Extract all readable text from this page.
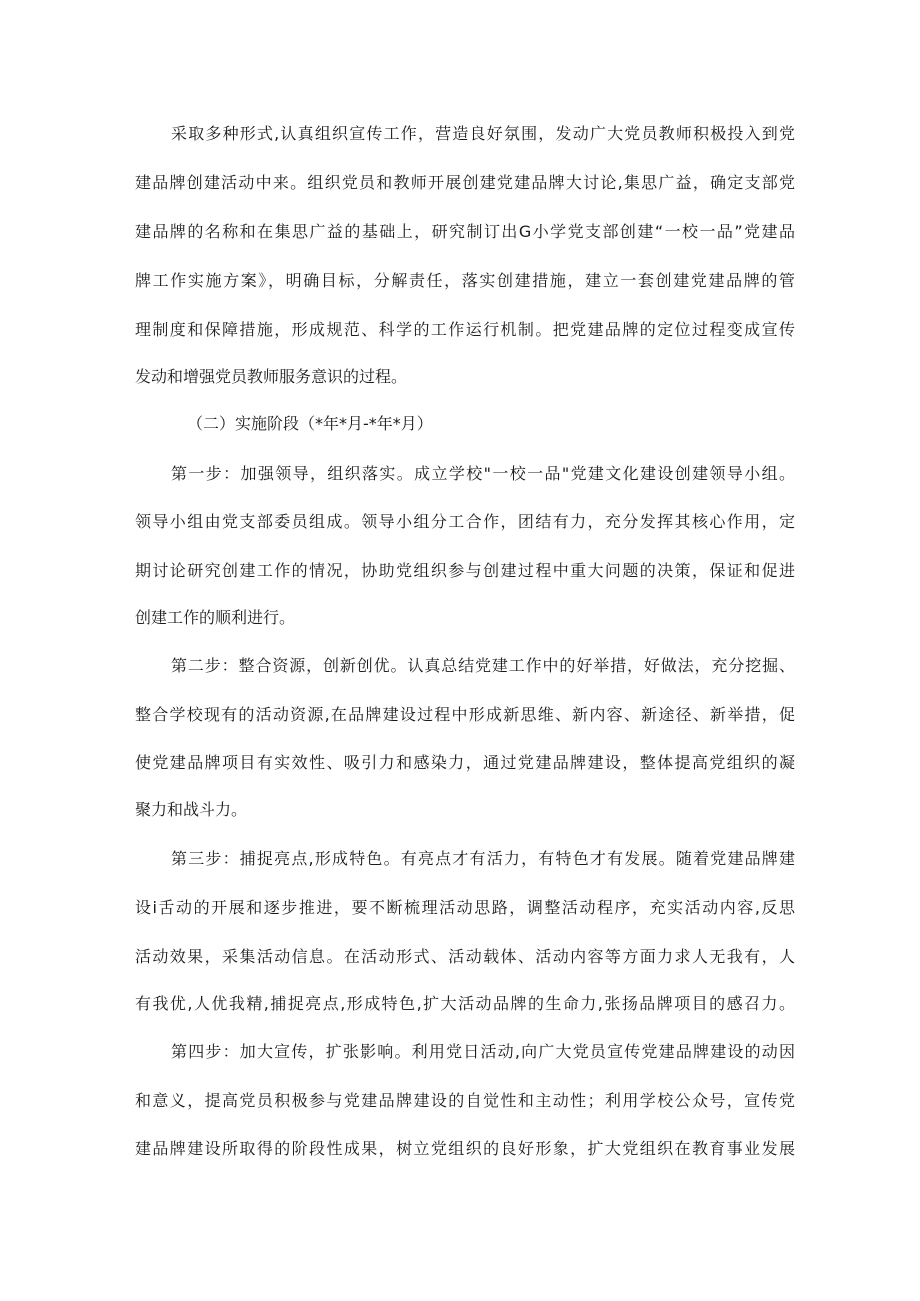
采取多种形式,认真组织宣传工作，营造良好氛围，发动广大党员教师积极投入到党
建品牌创建活动中来。组织党员和教师开展创建党建品牌大讨论,集思广益，确定支部党
建品牌的名称和在集思广益的基础上，研究制订出G小学党支部创建“一校一品”党建品
牌工作实施方案》，明确目标，分解责任，落实创建措施，建立一套创建党建品牌的管
理制度和保障措施，形成规范、科学的工作运行机制。把党建品牌的定位过程变成宣传
发动和增强党员教师服务意识的过程。
（二）实施阶段（*年*月-*年*月）
第一步：加强领导，组织落实。成立学校"一校一品"党建文化建设创建领导小组。
领导小组由党支部委员组成。领导小组分工合作，团结有力，充分发挥其核心作用，定
期讨论研究创建工作的情况，协助党组织参与创建过程中重大问题的决策，保证和促进
创建工作的顺利进行。
第二步：整合资源，创新创优。认真总结党建工作中的好举措，好做法，充分挖掘、
整合学校现有的活动资源,在品牌建设过程中形成新思维、新内容、新途径、新举措，促
使党建品牌项目有实效性、吸引力和感染力，通过党建品牌建设，整体提高党组织的凝
聚力和战斗力。
第三步：捕捉亮点,形成特色。有亮点才有活力，有特色才有发展。随着党建品牌建
设i舌动的开展和逐步推进，要不断梳理活动思路，调整活动程序，充实活动内容,反思
活动效果，采集活动信息。在活动形式、活动载体、活动内容等方面力求人无我有，人
有我优,人优我精,捕捉亮点,形成特色,扩大活动品牌的生命力,张扬品牌项目的感召力。
第四步：加大宣传，扩张影响。利用党日活动,向广大党员宣传党建品牌建设的动因
和意义，提高党员积极参与党建品牌建设的自觉性和主动性；利用学校公众号，宣传党
建品牌建设所取得的阶段性成果，树立党组织的良好形象，扩大党组织在教育事业发展
